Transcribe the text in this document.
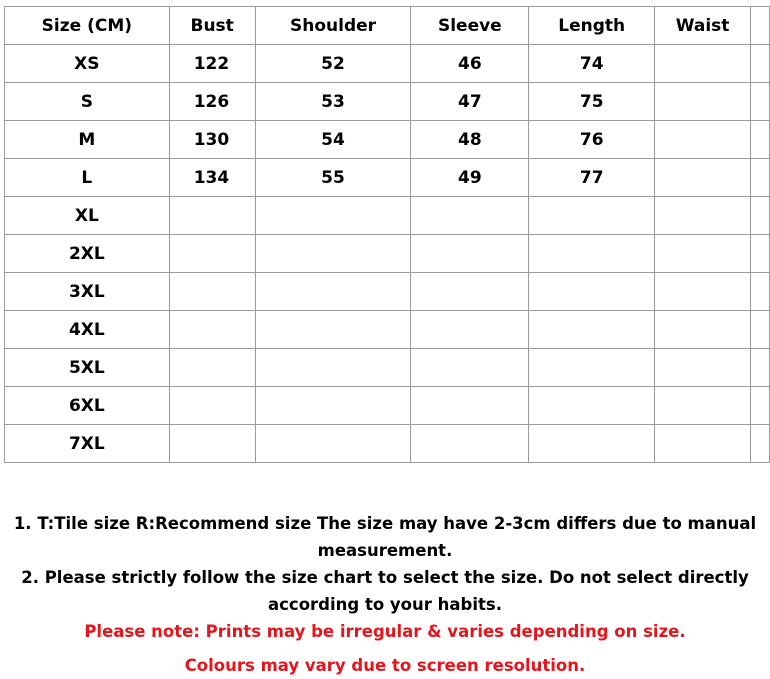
Size (CM)	Bust	Shoulder	Sleeve	Length	Waist	
XS	122	52	46	74		
S	126	53	47	75		
M	130	54	48	76		
L	134	55	49	77		
XL						
2XL						
3XL						
4XL						
5XL						
6XL						
7XL						

1. T:Tile size R:Recommend size The size may have 2-3cm differs due to manual

measurement.

2. Please strictly follow the size chart to select the size. Do not select directly

according to your habits.

Please note: Prints may be irregular & varies depending on size.

Colours may vary due to screen resolution.
